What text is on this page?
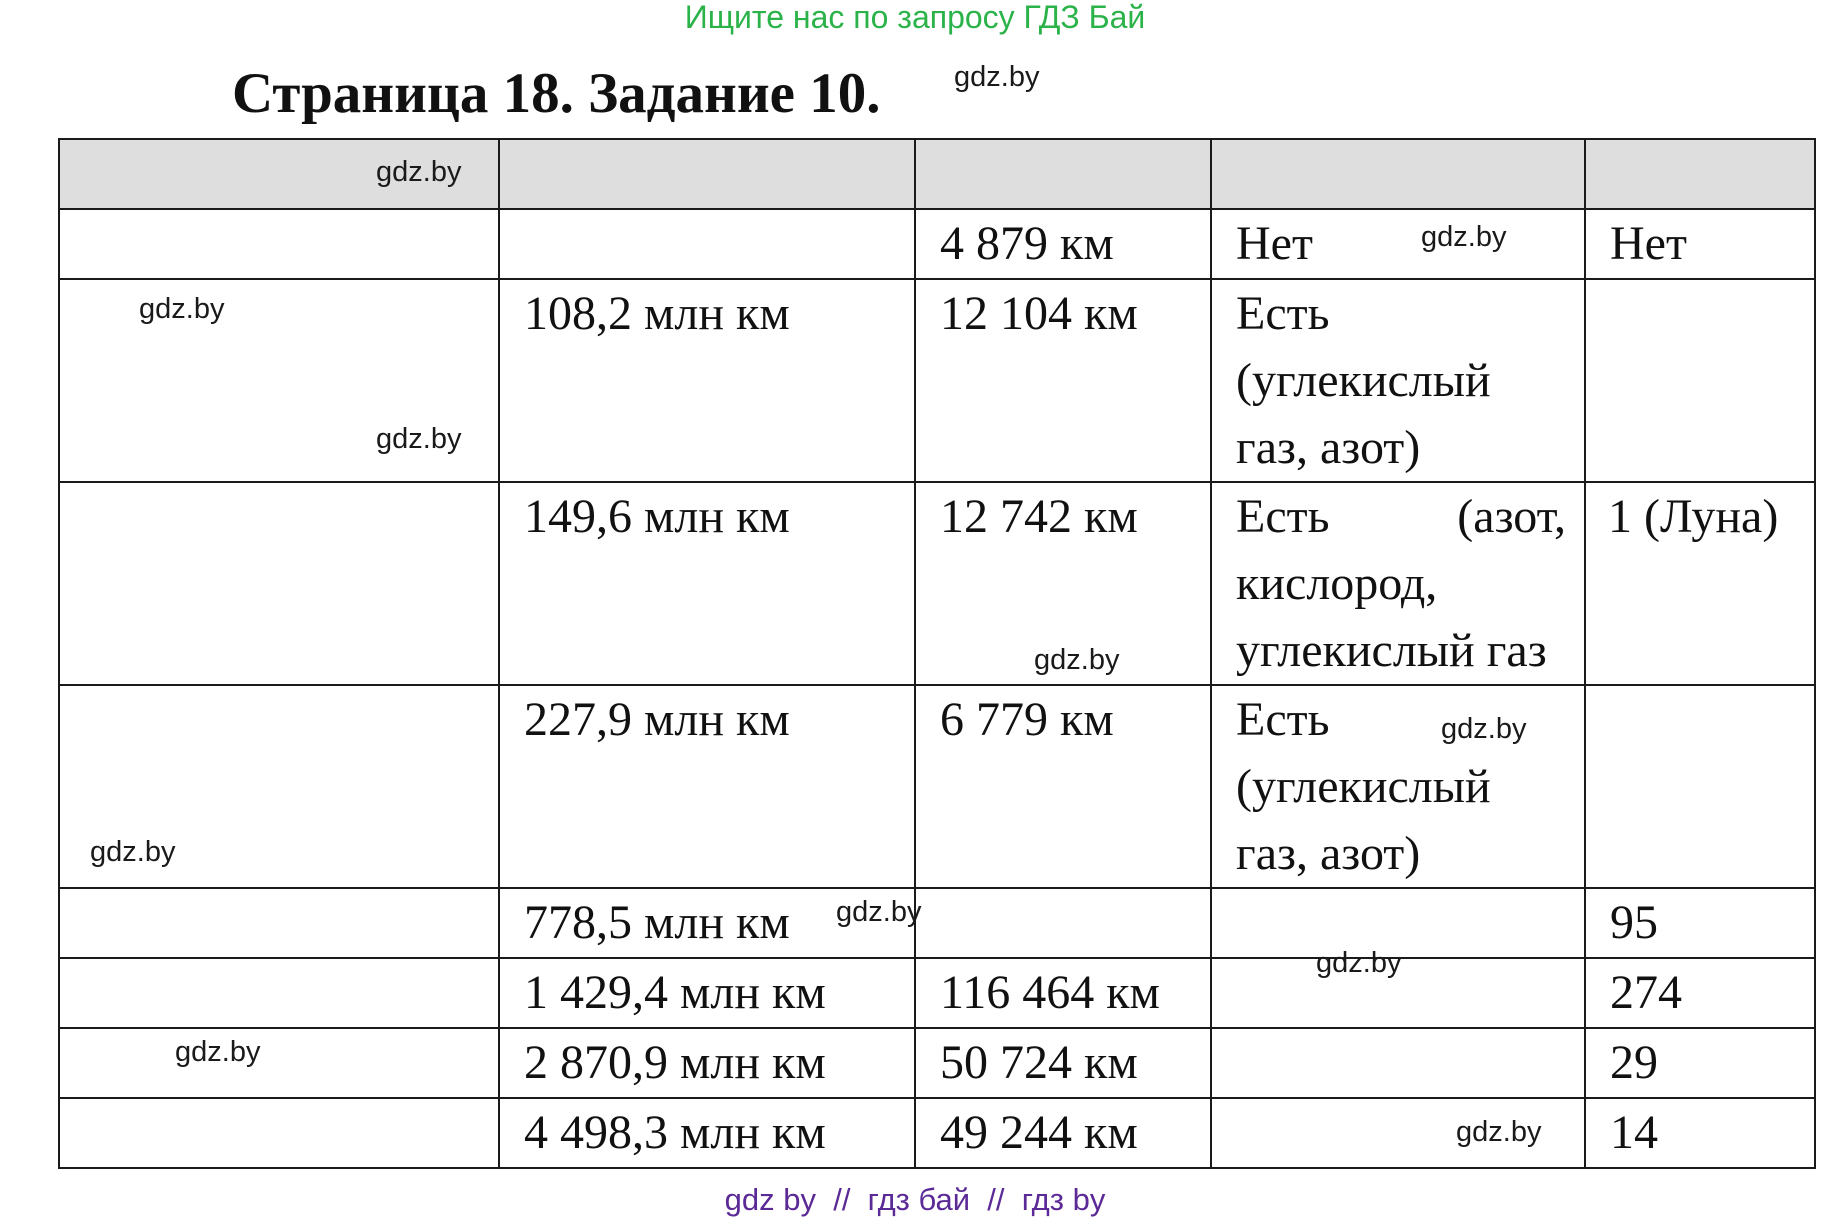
Ищите нас по запросу ГДЗ Бай
Страница 18. Задание 10.

		4 879 км	Нет	Нет

	108,2 млн км	12 104 км	Есть
(углекислый
газ, азот)	

	149,6 млн км	12 742 км	Есть (азот,
кислород,
углекислый газ	1 (Луна)

	227,9 млн км	6 779 км	Есть
(углекислый
газ, азот)	

	778,5 млн км			95

	1 429,4 млн км	116 464 км		274

	2 870,9 млн км	50 724 км		29

	4 498,3 млн км	49 244 км		14
gdz.by
gdz.by
gdz.by
gdz.by
gdz.by
gdz.by
gdz.by
gdz.by
gdz.by
gdz.by
gdz.by
gdz.by
gdz by  //  гдз бай  //  гдз by
